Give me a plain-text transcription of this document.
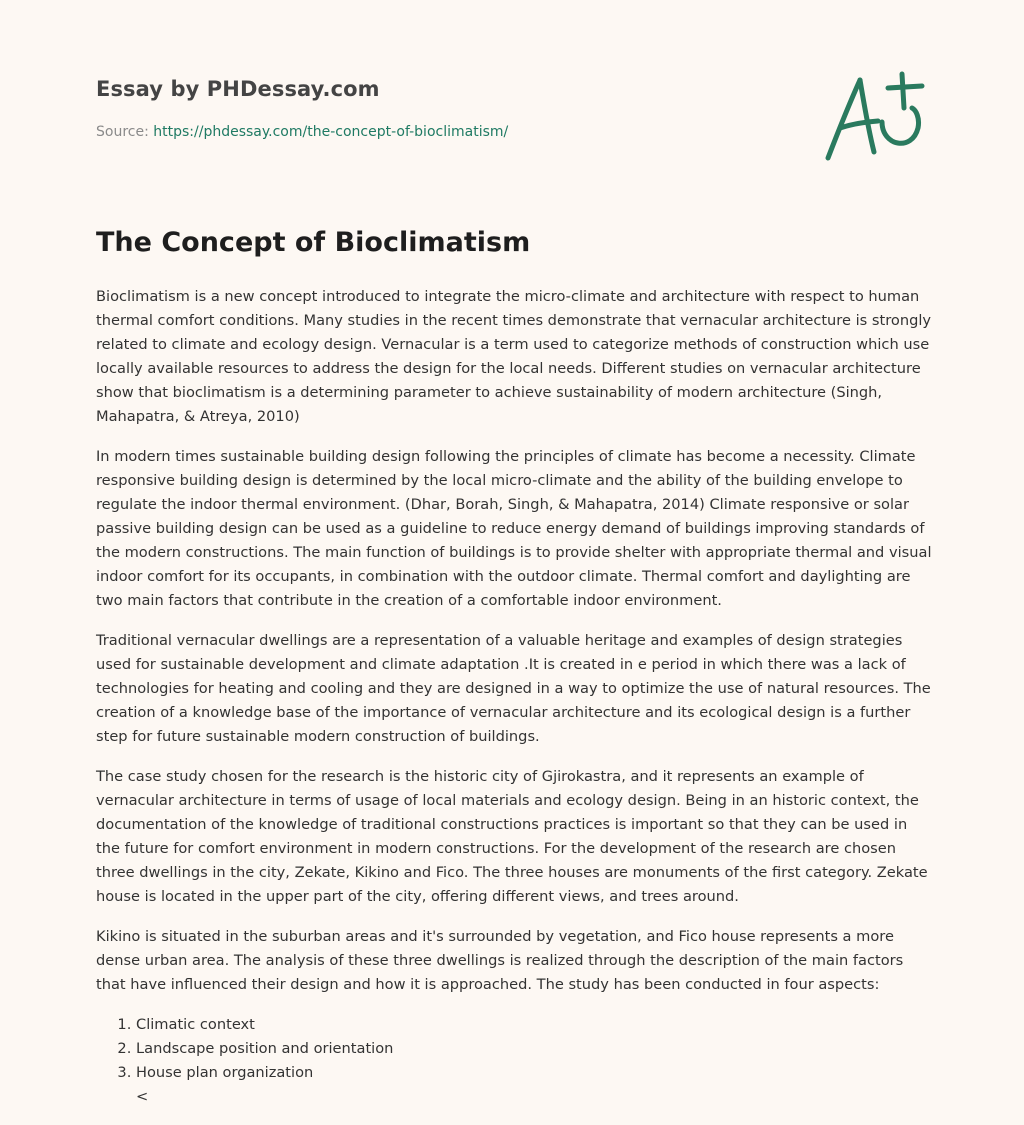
Essay by PHDessay.com
Source: https://phdessay.com/the-concept-of-bioclimatism/
The Concept of Bioclimatism

Bioclimatism is a new concept introduced to integrate the micro-climate and architecture with respect to human thermal comfort conditions. Many studies in the recent times demonstrate that vernacular architecture is strongly related to climate and ecology design. Vernacular is a term used to categorize methods of construction which use locally available resources to address the design for the local needs. Different studies on vernacular architecture show that bioclimatism is a determining parameter to achieve sustainability of modern architecture (Singh, Mahapatra, & Atreya, 2010)

In modern times sustainable building design following the principles of climate has become a necessity. Climate responsive building design is determined by the local micro-climate and the ability of the building envelope to regulate the indoor thermal environment. (Dhar, Borah, Singh, & Mahapatra, 2014) Climate responsive or solar passive building design can be used as a guideline to reduce energy demand of buildings improving standards of the modern constructions. The main function of buildings is to provide shelter with appropriate thermal and visual indoor comfort for its occupants, in combination with the outdoor climate. Thermal comfort and daylighting are two main factors that contribute in the creation of a comfortable indoor environment.

Traditional vernacular dwellings are a representation of a valuable heritage and examples of design strategies used for sustainable development and climate adaptation .It is created in e period in which there was a lack of technologies for heating and cooling and they are designed in a way to optimize the use of natural resources. The creation of a knowledge base of the importance of vernacular architecture and its ecological design is a further step for future sustainable modern construction of buildings.

The case study chosen for the research is the historic city of Gjirokastra, and it represents an example of vernacular architecture in terms of usage of local materials and ecology design. Being in an historic context, the documentation of the knowledge of traditional constructions practices is important so that they can be used in the future for comfort environment in modern constructions. For the development of the research are chosen three dwellings in the city, Zekate, Kikino and Fico. The three houses are monuments of the first category. Zekate house is located in the upper part of the city, offering different views, and trees around.

Kikino is situated in the suburban areas and it's surrounded by vegetation, and Fico house represents a more dense urban area. The analysis of these three dwellings is realized through the description of the main factors that have influenced their design and how it is approached. The study has been conducted in four aspects:

1. Climatic context
2. Landscape position and orientation
3. House plan organization

<
